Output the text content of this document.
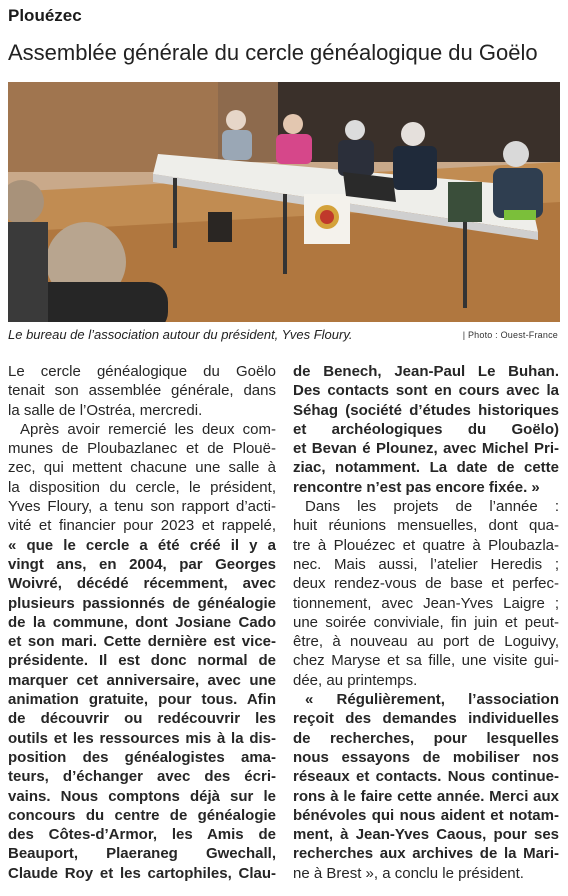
Plouézec
Assemblée générale du cercle généalogique du Goëlo
Le bureau de l’association autour du président, Yves Floury.	| Photo : Ouest-France
Le cercle généalogique du Goëlo
tenait son assemblée générale, dans
la salle de l’Ostréa, mercredi.
Après avoir remercié les deux com-
munes de Ploubazlanec et de Plouë-
zec, qui mettent chacune une salle à
la disposition du cercle, le président,
Yves Floury, a tenu son rapport d’acti-
vité et financier pour 2023 et rappelé,
« que le cercle a été créé il y a
vingt ans, en 2004, par Georges
Woivré, décédé récemment, avec
plusieurs passionnés de généalogie
de la commune, dont Josiane Cado
et son mari. Cette dernière est vice-
présidente. Il est donc normal de
marquer cet anniversaire, avec une
animation gratuite, pour tous. Afin
de découvrir ou redécouvrir les
outils et les ressources mis à la dis-
position des généalogistes ama-
teurs, d’échanger avec des écri-
vains. Nous comptons déjà sur le
concours du centre de généalogie
des Côtes-d’Armor, les Amis de
Beauport, Plaeraneg Gwechall,
Claude Roy et les cartophiles, Clau-
de Benech, Jean-Paul Le Buhan.
Des contacts sont en cours avec la
Séhag (société d’études historiques
et archéologiques du Goëlo)
et Bevan é Plounez, avec Michel Pri-
ziac, notamment. La date de cette
rencontre n’est pas encore fixée. »
Dans les projets de l’année :
huit réunions mensuelles, dont qua-
tre à Plouézec et quatre à Ploubazla-
nec. Mais aussi, l’atelier Heredis ;
deux rendez-vous de base et perfec-
tionnement, avec Jean-Yves Laigre ;
une soirée conviviale, fin juin et peut-
être, à nouveau au port de Loguivy,
chez Maryse et sa fille, une visite gui-
dée, au printemps.
« Régulièrement, l’association
reçoit des demandes individuelles
de recherches, pour lesquelles
nous essayons de mobiliser nos
réseaux et contacts. Nous continue-
rons à le faire cette année. Merci aux
bénévoles qui nous aident et notam-
ment, à Jean-Yves Caous, pour ses
recherches aux archives de la Mari-
ne à Brest », a conclu le président.
